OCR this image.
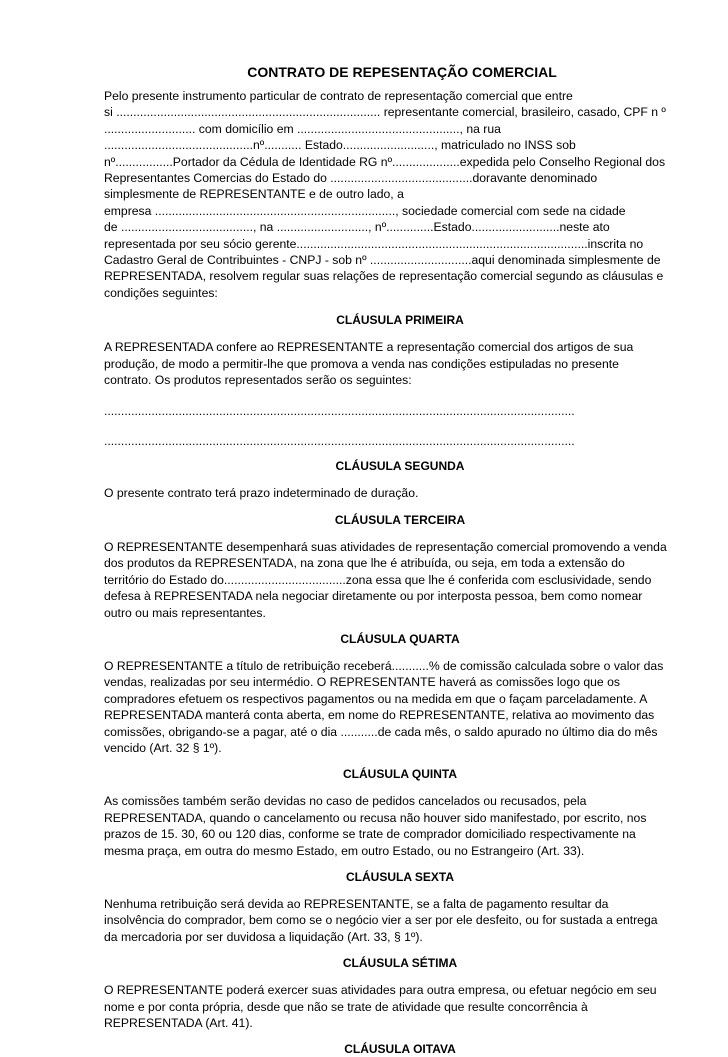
CONTRATO DE REPESENTAÇÃO COMERCIAL
Pelo presente instrumento particular de contrato de representação comercial que entre
si .............................................................................. representante comercial, brasileiro, casado, CPF n º
........................... com domicílio em ................................................, na rua
............................................nº........... Estado..........................., matriculado no INSS sob
nº.................Portador da Cédula de Identidade RG nº....................expedida pelo Conselho Regional dos
Representantes Comercias do Estado do ..........................................doravante denominado
simplesmente de REPRESENTANTE e de outro lado, a
empresa ......................................................................., sociedade comercial com sede na cidade
de ......................................., na ..........................., nº..............Estado..........................neste ato
representada por seu sócio gerente......................................................................................inscrita no
Cadastro Geral de Contribuintes - CNPJ - sob nº ..............................aqui denominada simplesmente de
REPRESENTADA, resolvem regular suas relações de representação comercial segundo as cláusulas e
condições seguintes:
CLÁUSULA PRIMEIRA
A REPRESENTADA confere ao REPRESENTANTE a representação comercial dos artigos de sua
produção, de modo a permitir-lhe que promova a venda nas condições estipuladas no presente
contrato. Os produtos representados serão os seguintes:
...........................................................................................................................................
...........................................................................................................................................
CLÁUSULA SEGUNDA
O presente contrato terá prazo indeterminado de duração.
CLÁUSULA TERCEIRA
O REPRESENTANTE desempenhará suas atividades de representação comercial promovendo a venda
dos produtos da REPRESENTADA, na zona que lhe é atribuída, ou seja, em toda a extensão do
território do Estado do....................................zona essa que lhe é conferida com esclusividade, sendo
defesa à REPRESENTADA nela negociar diretamente ou por interposta pessoa, bem como nomear
outro ou mais representantes.
CLÁUSULA QUARTA
O REPRESENTANTE a título de retribuição receberá...........% de comissão calculada sobre o valor das
vendas, realizadas por seu intermédio. O REPRESENTANTE haverá as comissões logo que os
compradores efetuem os respectivos pagamentos ou na medida em que o façam parceladamente. A
REPRESENTADA manterá conta aberta, em nome do REPRESENTANTE, relativa ao movimento das
comissões, obrigando-se a pagar, até o dia ...........de cada mês, o saldo apurado no último dia do mês
vencido (Art. 32 § 1º).
CLÁUSULA QUINTA
As comissões também serão devidas no caso de pedidos cancelados ou recusados, pela
REPRESENTADA, quando o cancelamento ou recusa não houver sido manifestado, por escrito, nos
prazos de 15. 30, 60 ou 120 dias, conforme se trate de comprador domiciliado respectivamente na
mesma praça, em outra do mesmo Estado, em outro Estado, ou no Estrangeiro (Art. 33).
CLÁUSULA SEXTA
Nenhuma retribuição será devida ao REPRESENTANTE, se a falta de pagamento resultar da
insolvência do comprador, bem como se o negócio vier a ser por ele desfeito, ou for sustada a entrega
da mercadoria por ser duvidosa a liquidação (Art. 33, § 1º).
CLÁUSULA SÉTIMA
O REPRESENTANTE poderá exercer suas atividades para outra empresa, ou efetuar negócio em seu
nome e por conta própria, desde que não se trate de atividade que resulte concorrência à
REPRESENTADA (Art. 41).
CLÁUSULA OITAVA
